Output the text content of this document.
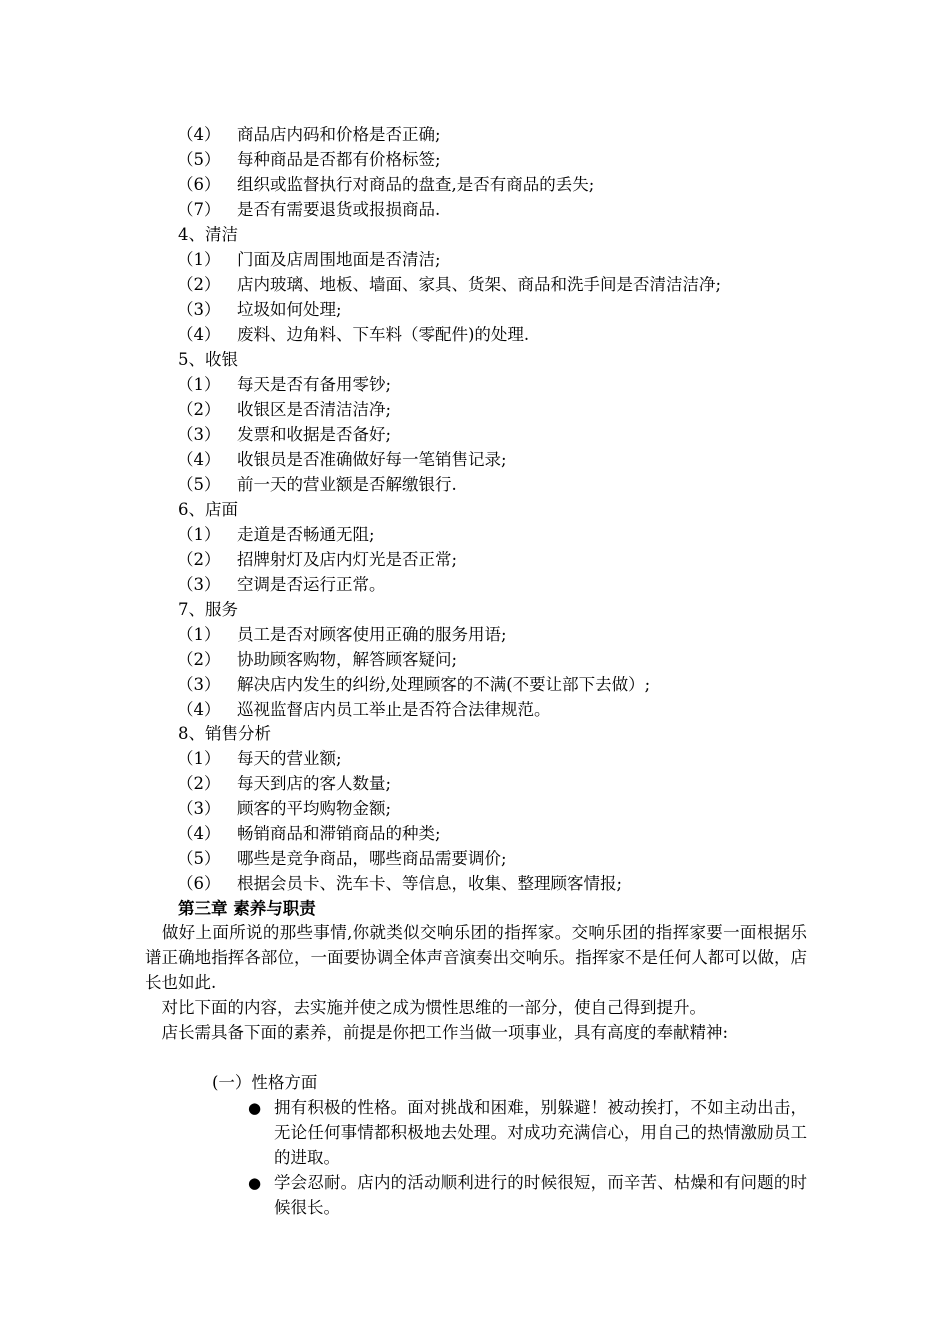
（4） 商品店内码和价格是否正确;
（5） 每种商品是否都有价格标签;
（6） 组织或监督执行对商品的盘查,是否有商品的丢失;
（7） 是否有需要退货或报损商品.
4、清洁
（1） 门面及店周围地面是否清洁;
（2） 店内玻璃、地板、墙面、家具、货架、商品和洗手间是否清洁洁净;
（3） 垃圾如何处理;
（4） 废料、边角料、下车料（零配件)的处理.
5、收银
（1） 每天是否有备用零钞;
（2） 收银区是否清洁洁净;
（3） 发票和收据是否备好;
（4） 收银员是否准确做好每一笔销售记录;
（5） 前一天的营业额是否解缴银行.
6、店面
（1） 走道是否畅通无阻;
（2） 招牌射灯及店内灯光是否正常;
（3） 空调是否运行正常。
7、服务
（1） 员工是否对顾客使用正确的服务用语;
（2） 协助顾客购物，解答顾客疑问;
（3） 解决店内发生的纠纷,处理顾客的不满(不要让部下去做）;
（4） 巡视监督店内员工举止是否符合法律规范。
8、销售分析
（1） 每天的营业额;
（2） 每天到店的客人数量;
（3） 顾客的平均购物金额;
（4） 畅销商品和滞销商品的种类;
（5） 哪些是竞争商品，哪些商品需要调价;
（6） 根据会员卡、洗车卡、等信息，收集、整理顾客情报;
第三章 素养与职责
　做好上面所说的那些事情,你就类似交响乐团的指挥家。交响乐团的指挥家要一面根据乐谱正确地指挥各部位，一面要协调全体声音演奏出交响乐。指挥家不是任何人都可以做，店长也如此.
　对比下面的内容，去实施并使之成为惯性思维的一部分，使自己得到提升。
　店长需具备下面的素养，前提是你把工作当做一项事业，具有高度的奉献精神:
(一）性格方面
● 拥有积极的性格。面对挑战和困难，别躲避！被动挨打，不如主动出击，无论任何事情都积极地去处理。对成功充满信心，用自己的热情激励员工的进取。
● 学会忍耐。店内的活动顺利进行的时候很短，而辛苦、枯燥和有问题的时候很长。
